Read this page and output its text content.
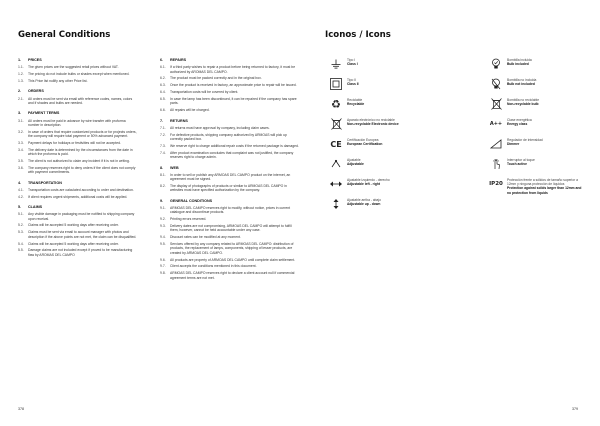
General Conditions	Iconos / Icons
1.	PRICES
1.1.	The given prices are the suggested retail prices without VAT.
1.2.	The pricing do not include bulbs or shades except when mentioned.
1.3.	This Price list nullify any other Price list.
2.	ORDERS
2.1.	All orders must be sent via email with reference codes, names, colors and if shades and bulbs are needed.
3.	PAYMENT TERMS
3.1.	All orders must be paid in advance by wire transfer with proforma number in description.
3.2.	In case of orders that require customized products or for projects orders, the company will require total payment or 50% advanced payment.
3.3.	Payment delays for holidays or festivities will not be accepted.
3.4.	The delivery date is determined by the circumstances from the date in which the proforma is paid.
3.5.	The client is not authorized to claim any incident if it is not in writing.
3.6.	The company reserves right to deny orders if the client does not comply with payment commitments.
4.	TRANSPORTATION
4.1.	Transportation costs are calculated according to order and destination.
4.2.	If client requires urgent shipments, additional costs will be applied.
5.	CLAIMS
5.1.	Any visible damage in packaging must be notified to shipping company upon receival.
5.2.	Claims will be accepted 5 working days after receiving order.
5.3.	Claims must be sent via email to account manager with photos and description if the above points are not met, the claim can be disqualified.
5.4.	Claims will be accepted 5 working days after receiving order.
5.5.	Damage claims are not included except if proved to be manufacturing flaw by AROMAS DEL CAMPO
6.	REPAIRS
6.1.	If a third party wishes to repair a product before being returned to factory, it must be authorized by AROMAS DEL CAMPO.
6.2.	The product must be packed correctly and in the original box.
6.3.	Once the product is received in factory, an approximate price to repair will be issued.
6.4.	Transportation costs will be covered by client.
6.5.	In case the lamp has been discontinued, it can be repaired if the company has spare parts.
6.6.	All repairs will be charged.
7.	RETURNS
7.1.	All returns must have approval by company, including claim cases.
7.2.	For defective products, shipping company authorized by ARMOAS will pick up correctly packed box.
7.3.	We reserve right to charge additional repair costs if the returned package is damaged.
7.4.	After product examination concludes that complaint was not justified, the company reserves right to charge admin.
8.	WEB
8.1.	In order to sell or publish any ARMOAS DEL CAMPO product on the internet, an agreement must be signed.
8.2.	The display of photographs of products or similar to ARMOAS DEL CAMPO in websites must have specified authorization by the company.
9.	GENERAL CONDITIONS
9.1.	ARMOAS DEL CAMPO reserves right to modify, without notice, prices in current catalogue and discontinue products.
9.2.	Printing errors reserved.
9.3.	Delivery dates are not compromising, ARMOAS DEL CAMPO will attempt to fulfill them, however, cannot be held accountable under any case.
9.4.	Discount rates can be modified at any moment.
9.5.	Services offered by any company related to ARMOAS DEL CAMPO: distribution of products, the replacement of lamps, components, shipping of lesser products, are created by ARMOAS DEL CAMPO.
9.6.	All products are property of ARMOAS DEL CAMPO until complete claim settlement.
9.7.	Client accepts the conditions mentioned in this document.
9.8.	ARMOAS DEL CAMPO reserves right to declare a client account null if commercial agreement terms are not met.
Tipo I
Class I
Tipo II
Class II
♻	Reciclable
Recyclable
Aparato electrónico no reciclable
Non-recyclable Electronic device
CE	Certificación Europea
European Certification
Ajustable
Adjustable
Ajustable izquierdo - derecho
Adjustable left - right
Ajustable arriba - abajo
Adjustable up - down
Bombilla incluida
Bulb included
Bombilla no incluida
Bulb not included
Bombilla no reciclable
Non-recyclable bulb
A++
Clase energética
Energy class
Regulador de intensidad
Dimmer
Interruptor al toque
Touch active
IP20
Protección frente a sólidos de tamaño superior a 12mm y ninguna protección de líquidos
Protection against solids larger than 12mm and no protection from liquids
378	379
